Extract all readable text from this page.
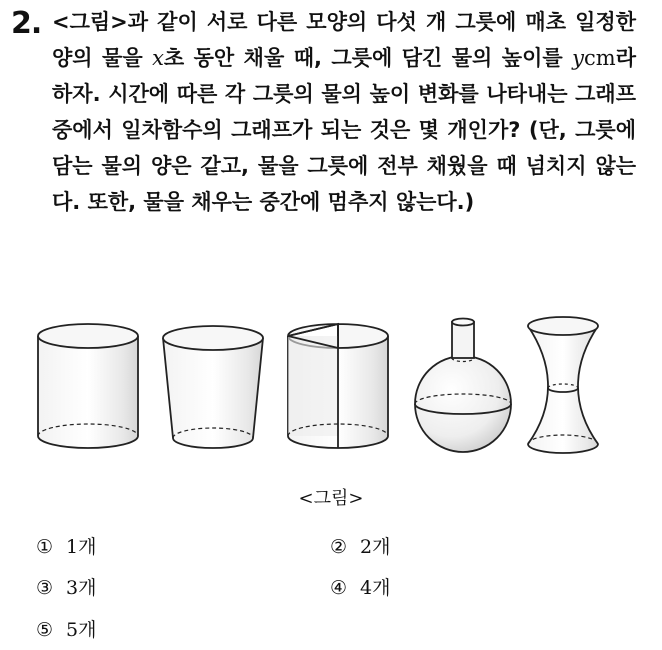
2. <그림>과 같이 서로 다른 모양의 다섯 개 그릇에 매초 일정한 양의 물을 x초 동안 채울 때, 그릇에 담긴 물의 높이를 ycm라 하자. 시간에 따른 각 그릇의 물의 높이 변화를 나타내는 그래프 중에서 일차함수의 그래프가 되는 것은 몇 개인가? (단, 그릇에 담는 물의 양은 같고, 물을 그릇에 전부 채웠을 때 넘치지 않는다. 또한, 물을 채우는 중간에 멈추지 않는다.)
<그림>
① 1개	② 2개
③ 3개	④ 4개
⑤ 5개
